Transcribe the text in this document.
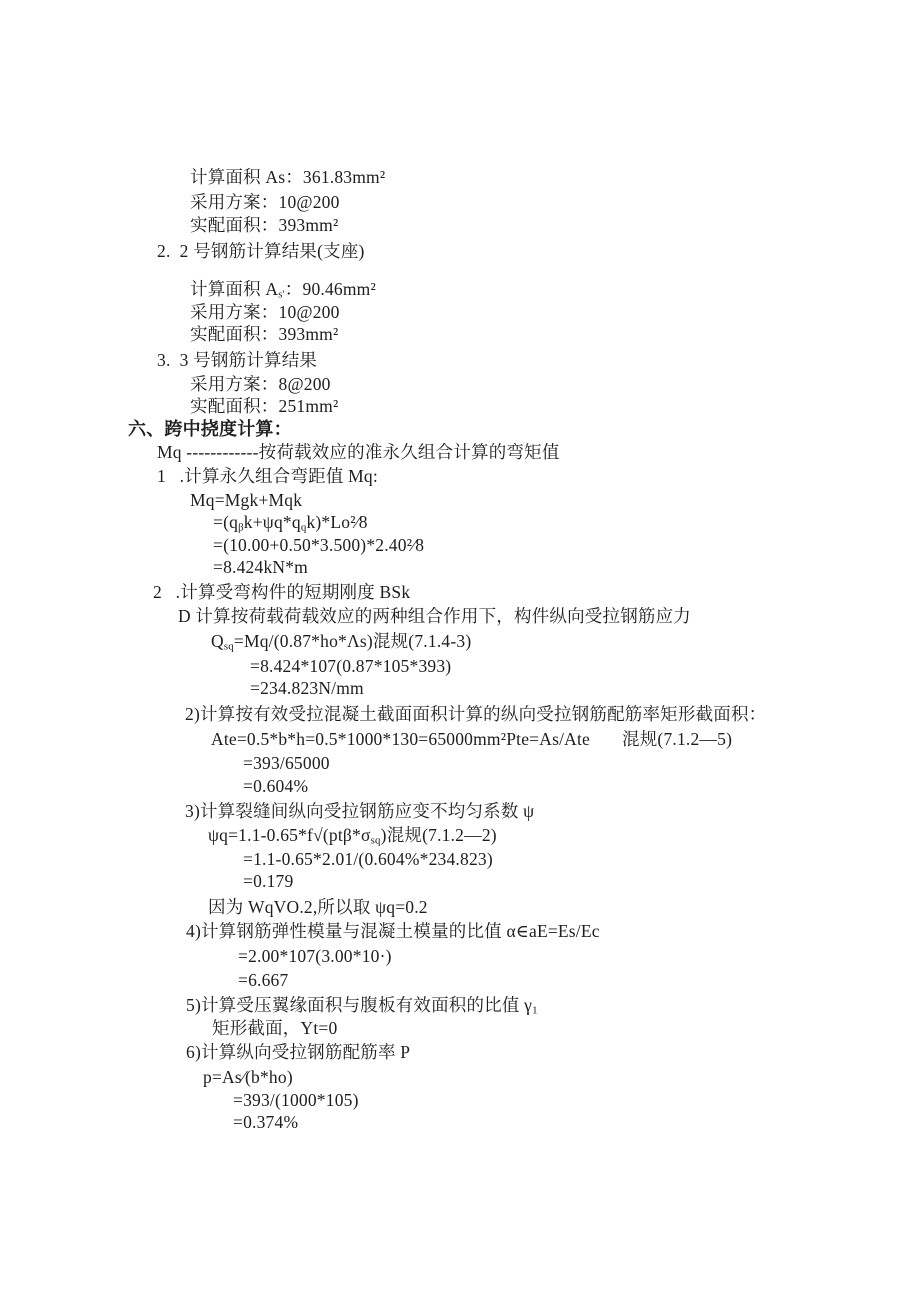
计算面积 As：361.83mm²
采用方案：10@200
实配面积：393mm²
2.  2 号钢筋计算结果(支座)
计算面积 $A_{s'}$：90.46mm²
采用方案：10@200
实配面积：393mm²
3.  3 号钢筋计算结果
采用方案：8@200
实配面积：251mm²
六、跨中挠度计算：
Mq ------------按荷载效应的准永久组合计算的弯矩值
1   .计算永久组合弯距值 Mq:
Mq=Mgk+Mqk
$=(q_\beta k+\psi q*q_qk)*Lo^2⁄8$
=(10.00+0.50*3.500)*2.40²⁄8
=8.424kN*m
2   .计算受弯构件的短期刚度 BSk
D 计算按荷载荷载效应的两种组合作用下，构件纵向受拉钢筋应力
$Q_{sq}=Mq/(0.87*ho*\Lambda s)$混规(7.1.4-3)
=8.424*107(0.87*105*393)
=234.823N/mm
2)计算按有效受拉混凝土截面面积计算的纵向受拉钢筋配筋率矩形截面积：
Ate=0.5*b*h=0.5*1000*130=65000mm²Pte=As/Ate       混规(7.1.2—5)
=393/65000
=0.604%
3)计算裂缝间纵向受拉钢筋应变不均匀系数 ψ
$\psi q=1.1-0.65*f√(pt\beta*\sigma_{sq})$混规(7.1.2—2)
=1.1-0.65*2.01/(0.604%*234.823)
=0.179
因为 WqVO.2,所以取 ψq=0.2
4)计算钢筋弹性模量与混凝土模量的比值 α∈aE=Es/Ec
=2.00*107(3.00*10·)
=6.667
5)计算受压翼缘面积与腹板有效面积的比值 $\gamma_1$
矩形截面，Yt=0
6)计算纵向受拉钢筋配筋率 P
p=As⁄(b*ho)
=393/(1000*105)
=0.374%
